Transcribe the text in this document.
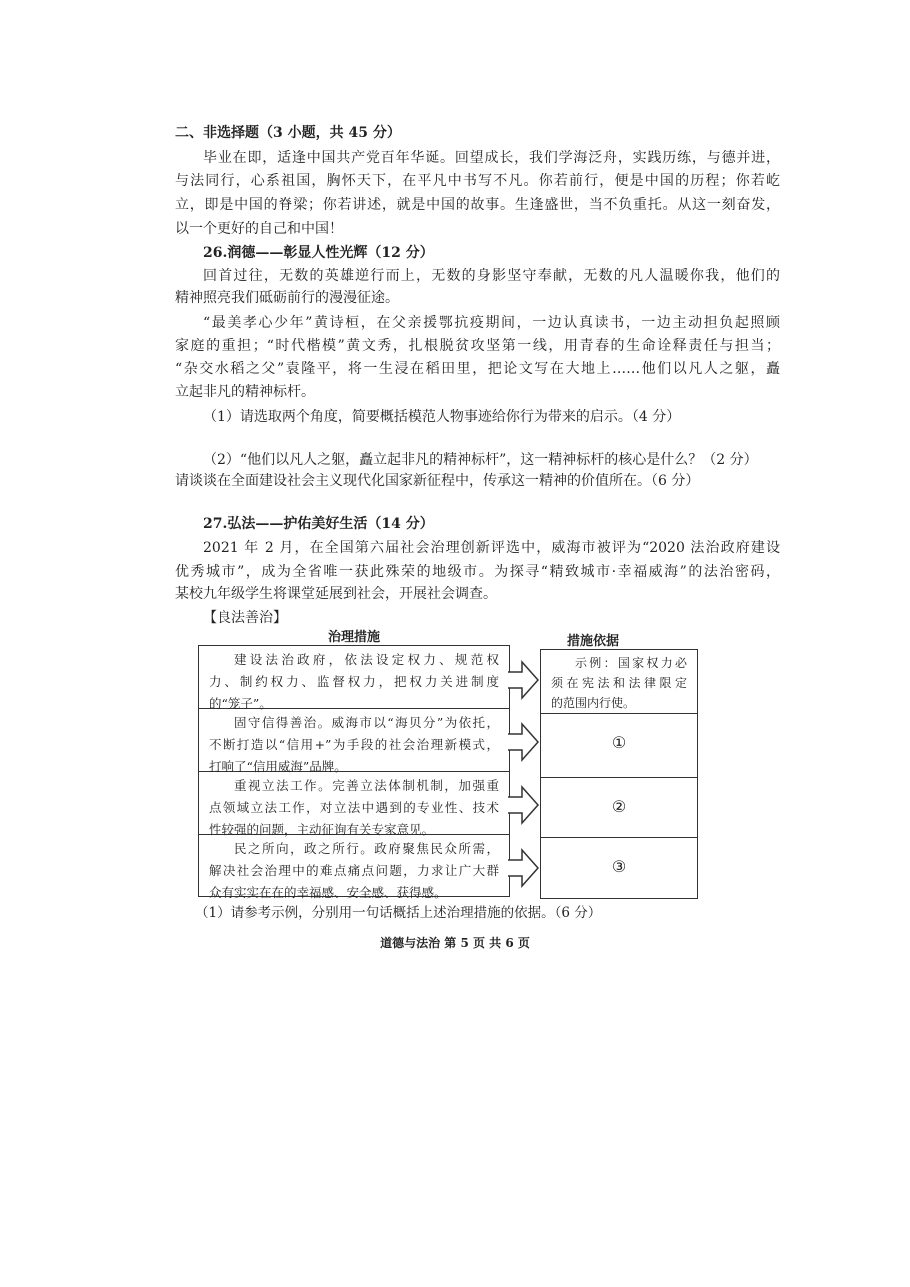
二、非选择题（3 小题，共 45 分）
毕业在即，适逢中国共产党百年华诞。回望成长，我们学海泛舟，实践历练，与德并进，
与法同行，心系祖国，胸怀天下，在平凡中书写不凡。你若前行，便是中国的历程；你若屹
立，即是中国的脊梁；你若讲述，就是中国的故事。生逢盛世，当不负重托。从这一刻奋发，
以一个更好的自己和中国！
26.润德——彰显人性光辉（12 分）
回首过往，无数的英雄逆行而上，无数的身影坚守奉献，无数的凡人温暖你我，他们的
精神照亮我们砥砺前行的漫漫征途。
“最美孝心少年”黄诗桓，在父亲援鄂抗疫期间，一边认真读书，一边主动担负起照顾
家庭的重担；“时代楷模”黄文秀，扎根脱贫攻坚第一线，用青春的生命诠释责任与担当；
“杂交水稻之父”袁隆平，将一生浸在稻田里，把论文写在大地上……他们以凡人之躯，矗
立起非凡的精神标杆。
（1）请选取两个角度，简要概括模范人物事迹给你行为带来的启示。（4 分）
（2）“他们以凡人之躯，矗立起非凡的精神标杆”，这一精神标杆的核心是什么？（2 分）
请谈谈在全面建设社会主义现代化国家新征程中，传承这一精神的价值所在。（6 分）
27.弘法——护佑美好生活（14 分）
2021 年 2 月，在全国第六届社会治理创新评选中，威海市被评为“2020 法治政府建设
优秀城市”，成为全省唯一获此殊荣的地级市。为探寻“精致城市·幸福威海”的法治密码，
某校九年级学生将课堂延展到社会，开展社会调查。
【良法善治】
治理措施	措施依据

建设法治政府，依法设定权力、规范权

力、制约权力、监督权力，把权力关进制度

的“笼子”。

固守信得善治。威海市以“海贝分”为依托，

不断打造以“信用+”为手段的社会治理新模式，

打响了“信用威海”品牌。

重视立法工作。完善立法体制机制，加强重

点领域立法工作，对立法中遇到的专业性、技术

性较强的问题，主动征询有关专家意见。

民之所向，政之所行。政府聚焦民众所需，

解决社会治理中的难点痛点问题，力求让广大群

众有实实在在的幸福感、安全感、获得感。

示例：国家权力必

须在宪法和法律限定

的范围内行使。

①
②
③
（1）请参考示例，分别用一句话概括上述治理措施的依据。（6 分）
道德与法治 第 5 页 共 6 页
